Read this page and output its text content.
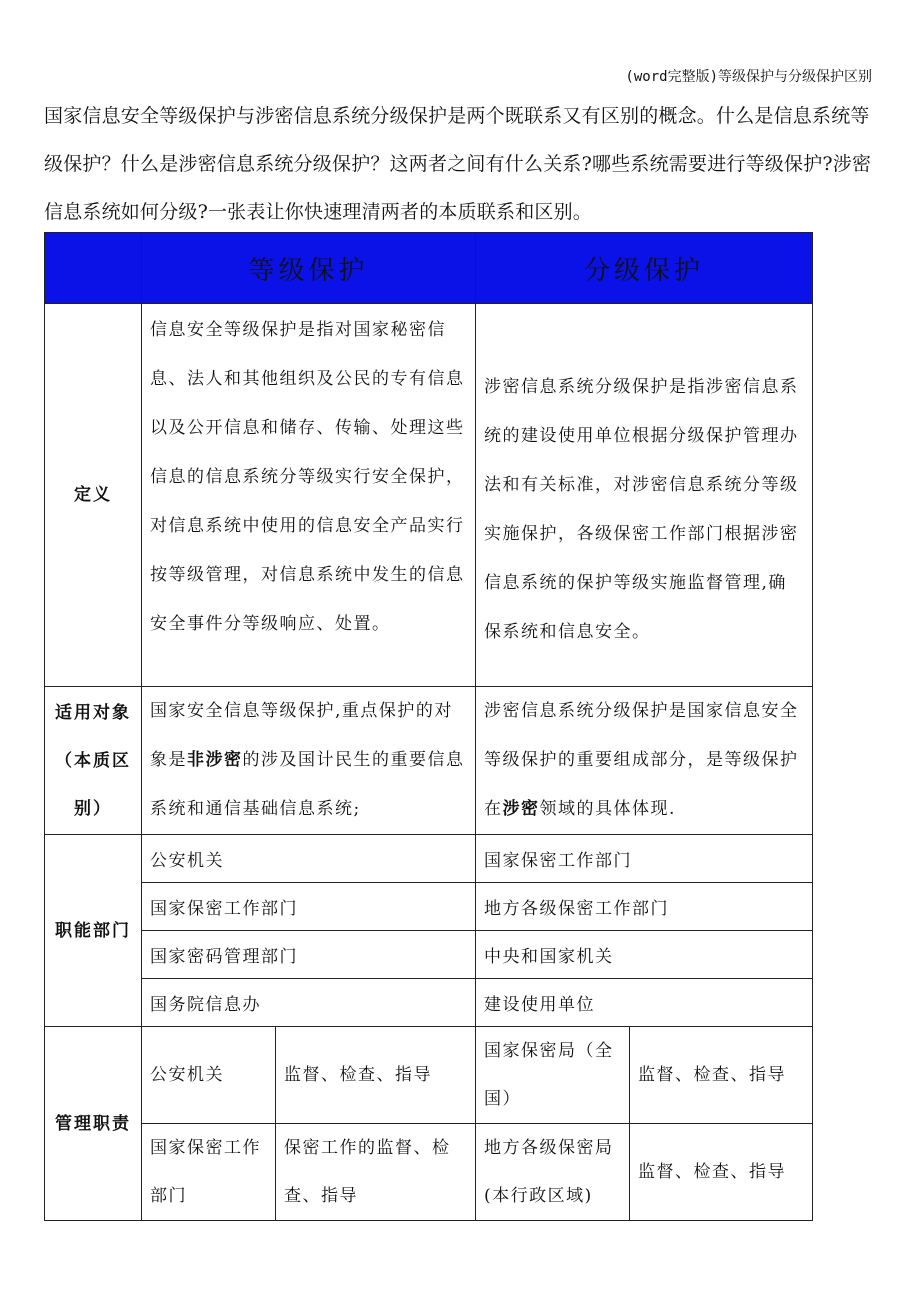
(word完整版)等级保护与分级保护区别

国家信息安全等级保护与涉密信息系统分级保护是两个既联系又有区别的概念。什么是信息系统等级保护？什么是涉密信息系统分级保护？这两者之间有什么关系?哪些系统需要进行等级保护?涉密信息系统如何分级?一张表让你快速理清两者的本质联系和区别。

	等级保护		分级保护	
定义	信息安全等级保护是指对国家秘密信息、法人和其他组织及公民的专有信息以及公开信息和储存、传输、处理这些信息的信息系统分等级实行安全保护，对信息系统中使用的信息安全产品实行按等级管理，对信息系统中发生的信息安全事件分等级响应、处置。		涉密信息系统分级保护是指涉密信息系统的建设使用单位根据分级保护管理办法和有关标准，对涉密信息系统分等级实施保护，各级保密工作部门根据涉密信息系统的保护等级实施监督管理,确保系统和信息安全。	

适用对象
（本质区
别）	国家安全信息等级保护,重点保护的对象是非涉密的涉及国计民生的重要信息系统和通信基础信息系统;		涉密信息系统分级保护是国家信息安全等级保护的重要组成部分，是等级保护在涉密领域的具体体现.	
职能部门	公安机关		国家保密工作部门	
	国家保密工作部门		地方各级保密工作部门	
	国家密码管理部门		中央和国家机关	
	国务院信息办		建设使用单位	
管理职责	公安机关	监督、检查、指导	国家保密局（全国）	监督、检查、指导
	国家保密工作部门	保密工作的监督、检查、指导	地方各级保密局(本行政区域)	监督、检查、指导
